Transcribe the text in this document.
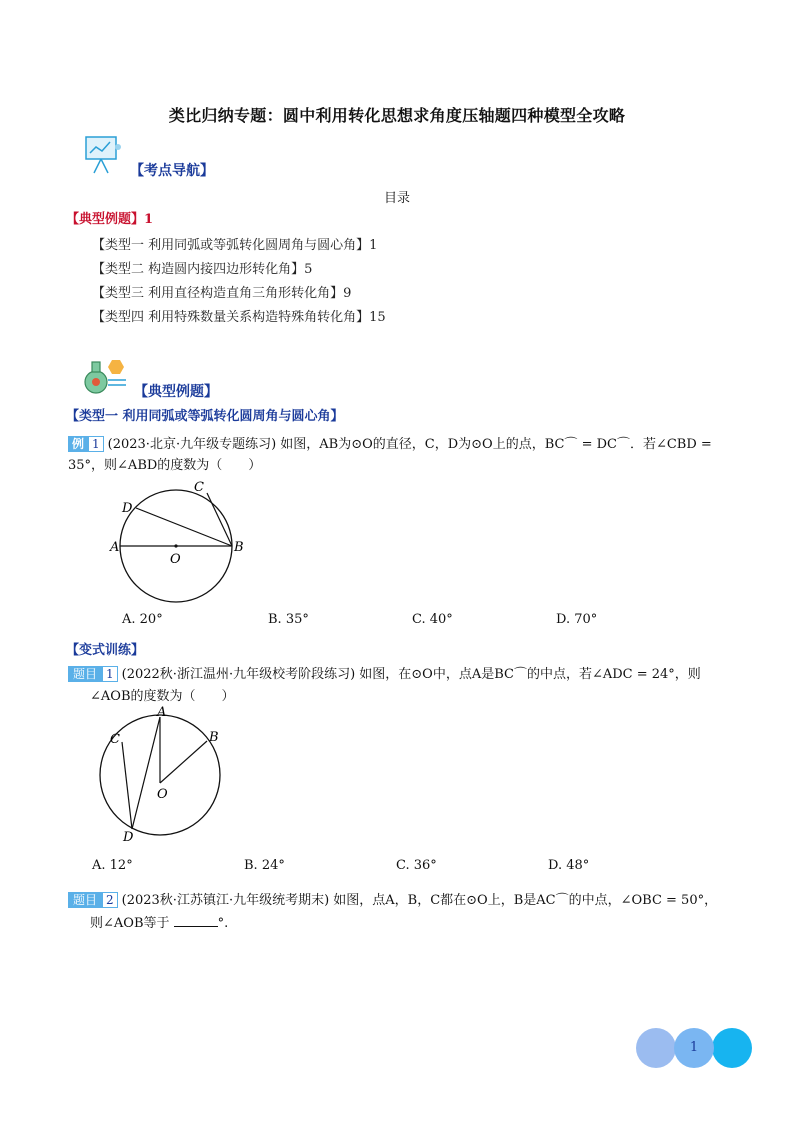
类比归纳专题：圆中利用转化思想求角度压轴题四种模型全攻略
【考点导航】
目录
【典型例题】1
【类型一 利用同弧或等弧转化圆周角与圆心角】1
【类型二 构造圆内接四边形转化角】5
【类型三 利用直径构造直角三角形转化角】9
【类型四 利用特殊数量关系构造特殊角转化角】15
【典型例题】
【类型一 利用同弧或等弧转化圆周角与圆心角】
例 1 (2023·北京·九年级专题练习) 如图，AB为⊙O的直径，C，D为⊙O上的点，BC⌒ = DC⌒．若∠CBD =
35°，则∠ABD的度数为（　　）
A	B
C
D
O
A. 20°	B. 35°	C. 40°	D. 70°
【变式训练】
题目 1 (2022秋·浙江温州·九年级校考阶段练习) 如图，在⊙O中，点A是BC⌒的中点，若∠ADC = 24°，则
∠AOB的度数为（　　）
A
B
C
D
O
A. 12°	B. 24°	C. 36°	D. 48°
题目 2 (2023秋·江苏镇江·九年级统考期末) 如图，点A，B，C都在⊙O上，B是AC⌒的中点，∠OBC = 50°，
则∠AOB等于	°.
1
